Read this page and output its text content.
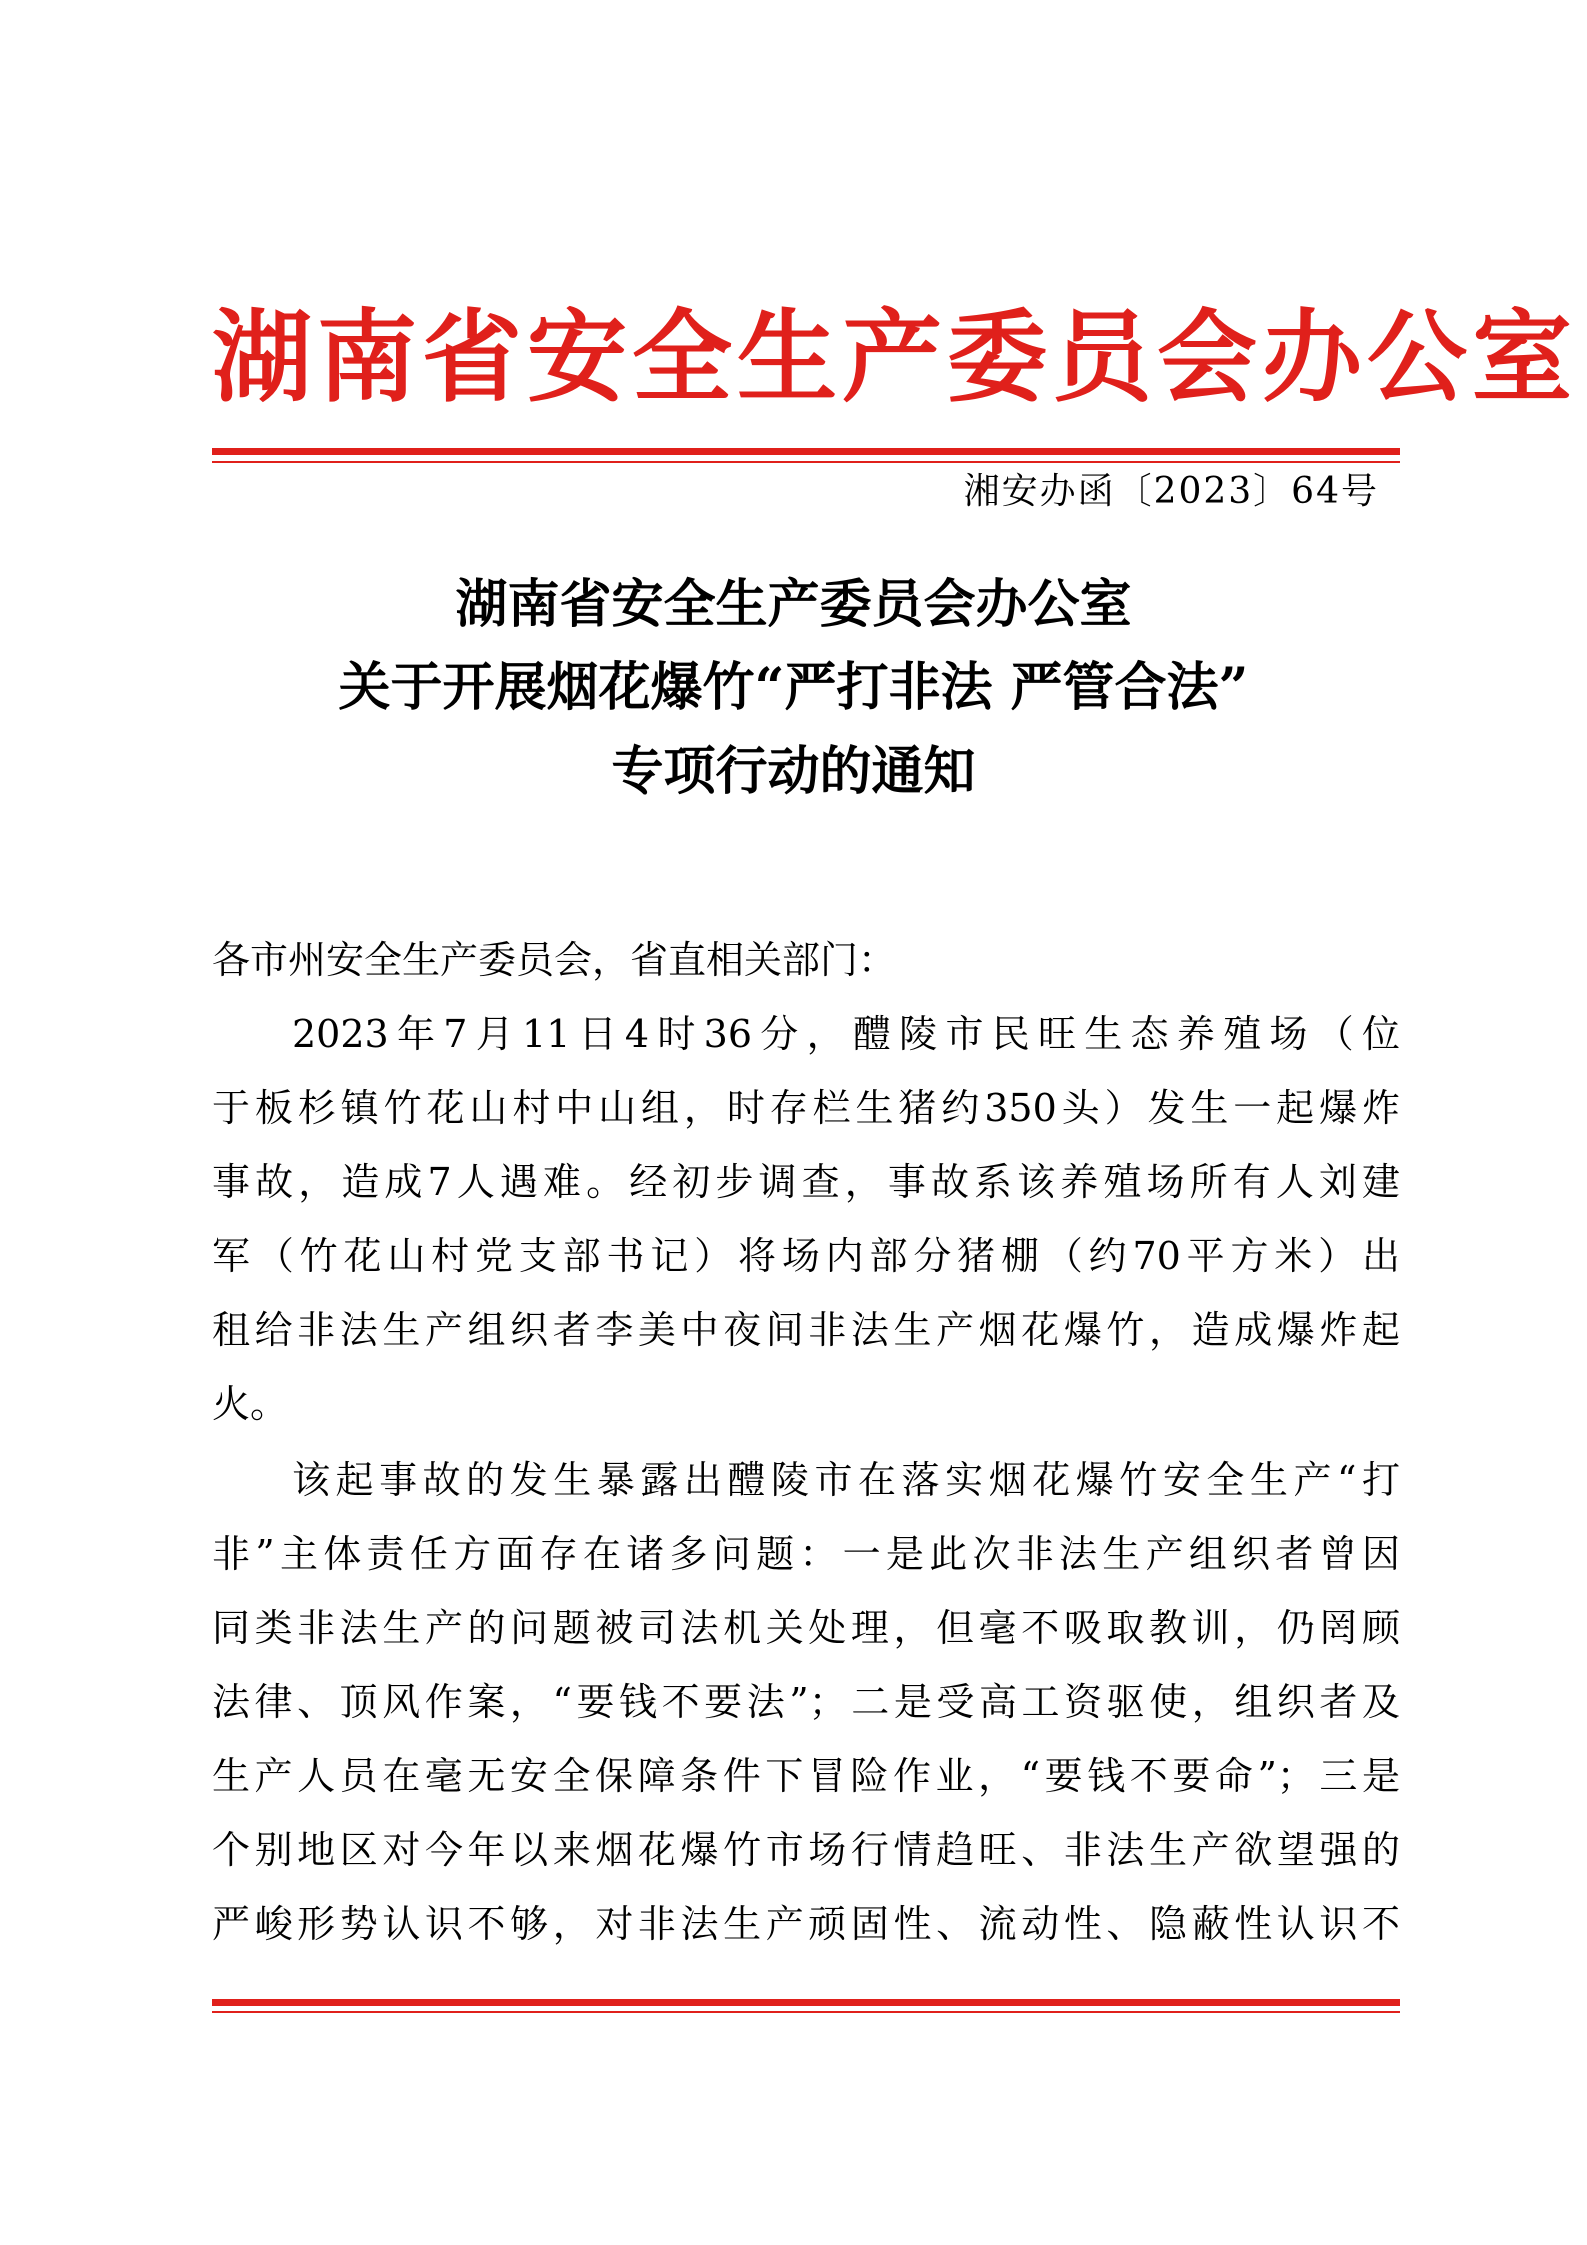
湖南省安全生产委员会办公室
湘安办函〔2023〕64号
湖南省安全生产委员会办公室
关于开展烟花爆竹“严打非法 严管合法”
专项行动的通知
各市州安全生产委员会，省直相关部门：
2023年7月11日4时36分，醴陵市民旺生态养殖场（位
于板杉镇竹花山村中山组，时存栏生猪约350头）发生一起爆炸
事故，造成7人遇难。经初步调查，事故系该养殖场所有人刘建
军（竹花山村党支部书记）将场内部分猪棚（约70平方米）出
租给非法生产组织者李美中夜间非法生产烟花爆竹，造成爆炸起
火。
该起事故的发生暴露出醴陵市在落实烟花爆竹安全生产“打
非”主体责任方面存在诸多问题：一是此次非法生产组织者曾因
同类非法生产的问题被司法机关处理，但毫不吸取教训，仍罔顾
法律、顶风作案，“要钱不要法”；二是受高工资驱使，组织者及
生产人员在毫无安全保障条件下冒险作业，“要钱不要命”；三是
个别地区对今年以来烟花爆竹市场行情趋旺、非法生产欲望强的
严峻形势认识不够，对非法生产顽固性、流动性、隐蔽性认识不
